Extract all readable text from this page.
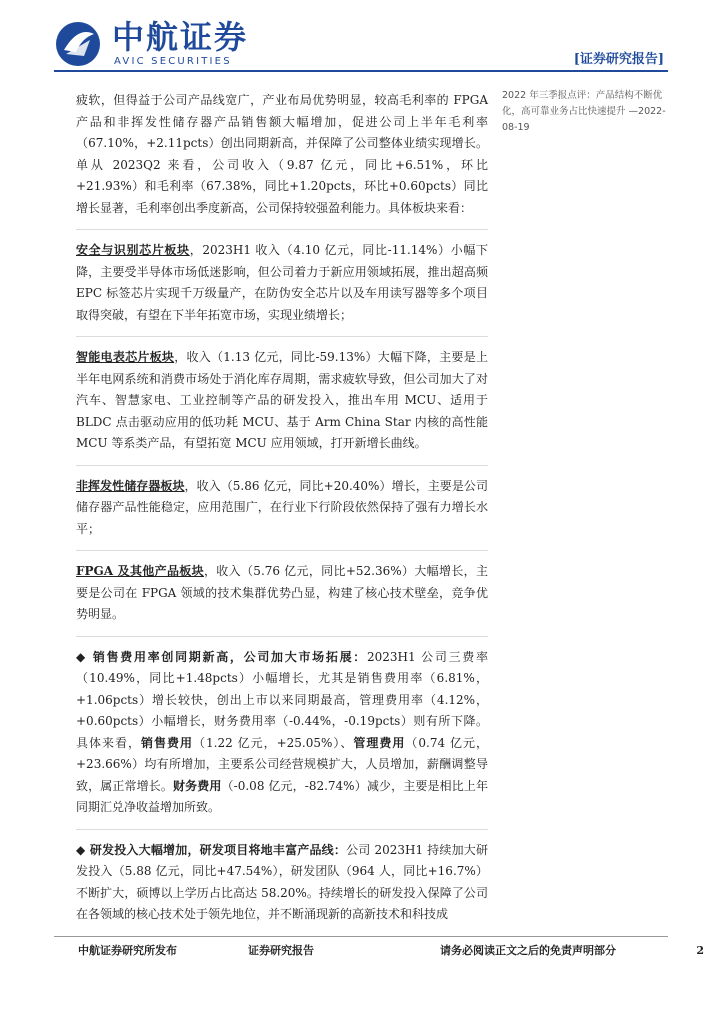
中航证券
AVIC SECURITIES	[证券研究报告]
2022 年三季报点评：产品结构不断优化，高可靠业务占比快速提升 —2022-08-19

疲软，但得益于公司产品线宽广，产业布局优势明显，较高毛利率的 FPGA 产品和非挥发性储存器产品销售额大幅增加，促进公司上半年毛利率（67.10%，+2.11pcts）创出同期新高，并保障了公司整体业绩实现增长。单从 2023Q2 来看，公司收入（9.87 亿元，同比+6.51%，环比+21.93%）和毛利率（67.38%，同比+1.20pcts，环比+0.60pcts）同比增长显著，毛利率创出季度新高，公司保持较强盈利能力。具体板块来看：

安全与识别芯片板块，2023H1 收入（4.10 亿元，同比-11.14%）小幅下降，主要受半导体市场低迷影响，但公司着力于新应用领域拓展，推出超高频 EPC 标签芯片实现千万级量产，在防伪安全芯片以及车用读写器等多个项目取得突破，有望在下半年拓宽市场，实现业绩增长；

智能电表芯片板块，收入（1.13 亿元，同比-59.13%）大幅下降，主要是上半年电网系统和消费市场处于消化库存周期，需求疲软导致，但公司加大了对汽车、智慧家电、工业控制等产品的研发投入，推出车用 MCU、适用于 BLDC 点击驱动应用的低功耗 MCU、基于 Arm China Star 内核的高性能 MCU 等系类产品，有望拓宽 MCU 应用领域，打开新增长曲线。

非挥发性储存器板块，收入（5.86 亿元，同比+20.40%）增长，主要是公司储存器产品性能稳定，应用范围广，在行业下行阶段依然保持了强有力增长水平；

FPGA 及其他产品板块，收入（5.76 亿元，同比+52.36%）大幅增长，主要是公司在 FPGA 领域的技术集群优势凸显，构建了核心技术壁垒，竞争优势明显。

◆ 销售费用率创同期新高，公司加大市场拓展：2023H1 公司三费率（10.49%，同比+1.48pcts）小幅增长，尤其是销售费用率（6.81%，+1.06pcts）增长较快，创出上市以来同期最高，管理费用率（4.12%，+0.60pcts）小幅增长，财务费用率（-0.44%，-0.19pcts）则有所下降。具体来看，销售费用（1.22 亿元，+25.05%）、管理费用（0.74 亿元，+23.66%）均有所增加，主要系公司经营规模扩大，人员增加，薪酬调整导致，属正常增长。财务费用（-0.08 亿元，-82.74%）减少，主要是相比上年同期汇兑净收益增加所致。

◆ 研发投入大幅增加，研发项目将地丰富产品线：公司 2023H1 持续加大研发投入（5.88 亿元，同比+47.54%），研发团队（964 人，同比+16.7%）不断扩大，硕博以上学历占比高达 58.20%。持续增长的研发投入保障了公司在各领域的核心技术处于领先地位，并不断涌现新的高新技术和科技成

中航证券研究所发布	证券研究报告	请务必阅读正文之后的免责声明部分	2
